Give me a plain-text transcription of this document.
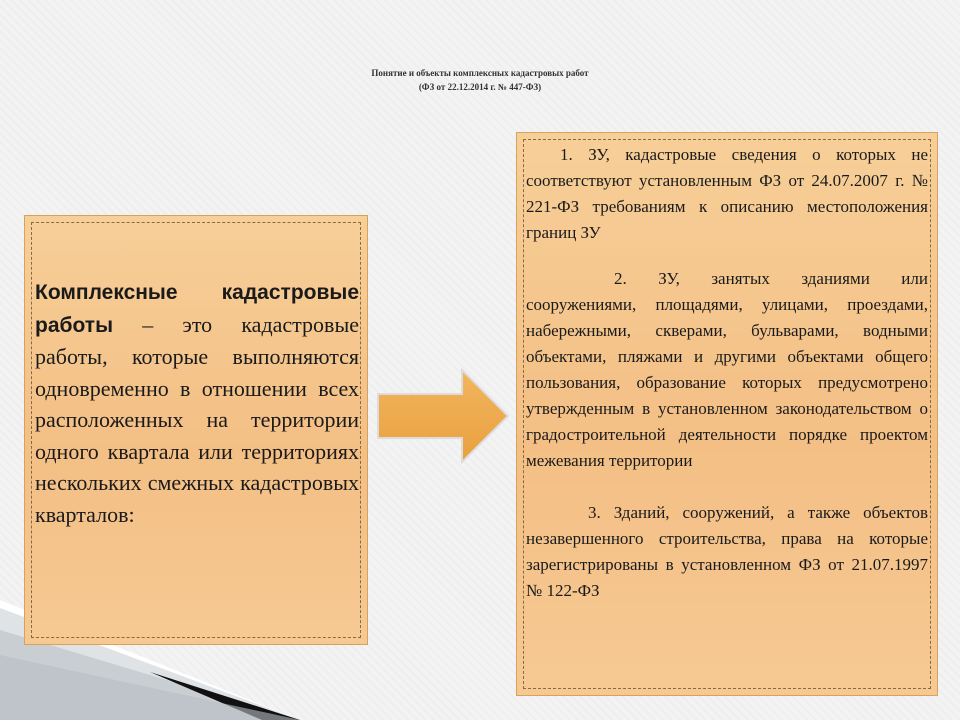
Понятие и объекты комплексных кадастровых работ
(ФЗ от 22.12.2014 г. № 447-ФЗ)
Комплексные кадастровые работы – это кадастровые работы, которые выполняются одновременно в отношении всех расположенных на территории одного квартала или территориях нескольких смежных кадастровых кварталов:

1. ЗУ, кадастровые сведения о которых не соответствуют установленным ФЗ от 24.07.2007 г. № 221-ФЗ требованиям к описанию местоположения границ ЗУ

2. ЗУ, занятых зданиями или сооружениями, площадями, улицами, проездами, набережными, скверами, бульварами, водными объектами, пляжами и другими объектами общего пользования, образование которых предусмотрено утвержденным в установленном законодательством о градостроительной деятельности порядке проектом межевания территории

3. Зданий, сооружений, а также объектов незавершенного строительства, права на которые зарегистрированы в установленном ФЗ от 21.07.1997 № 122-ФЗ
